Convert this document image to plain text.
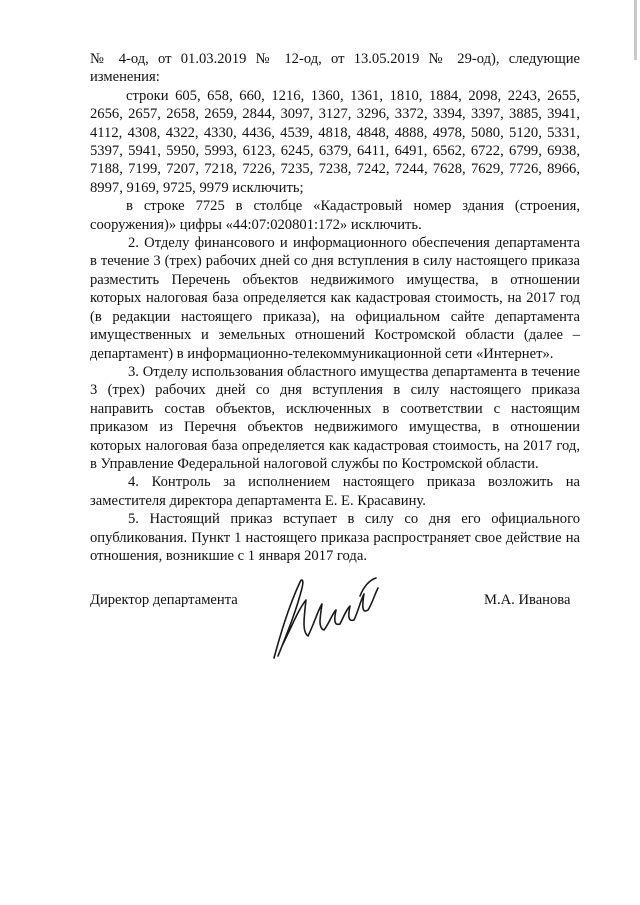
№ 4-од, от 01.03.2019 № 12-од, от 13.05.2019 № 29-од), следующие изменения:

строки 605, 658, 660, 1216, 1360, 1361, 1810, 1884, 2098, 2243, 2655, 2656, 2657, 2658, 2659, 2844, 3097, 3127, 3296, 3372, 3394, 3397, 3885, 3941, 4112, 4308, 4322, 4330, 4436, 4539, 4818, 4848, 4888, 4978, 5080, 5120, 5331, 5397, 5941, 5950, 5993, 6123, 6245, 6379, 6411, 6491, 6562, 6722, 6799, 6938, 7188, 7199, 7207, 7218, 7226, 7235, 7238, 7242, 7244, 7628, 7629, 7726, 8966, 8997, 9169, 9725, 9979 исключить;

в строке 7725 в столбце «Кадастровый номер здания (строения, сооружения)» цифры «44:07:020801:172» исключить.

2. Отделу финансового и информационного обеспечения департамента в течение 3 (трех) рабочих дней со дня вступления в силу настоящего приказа разместить Перечень объектов недвижимого имущества, в отношении которых налоговая база определяется как кадастровая стоимость, на 2017 год (в редакции настоящего приказа), на официальном сайте департамента имущественных и земельных отношений Костромской области (далее – департамент) в информационно-телекоммуникационной сети «Интернет».

3. Отделу использования областного имущества департамента в течение 3 (трех) рабочих дней со дня вступления в силу настоящего приказа направить состав объектов, исключенных в соответствии с настоящим приказом из Перечня объектов недвижимого имущества, в отношении которых налоговая база определяется как кадастровая стоимость, на 2017 год, в Управление Федеральной налоговой службы по Костромской области.

4. Контроль за исполнением настоящего приказа возложить на заместителя директора департамента Е. Е. Красавину.

5. Настоящий приказ вступает в силу со дня его официального опубликования. Пункт 1 настоящего приказа распространяет свое действие на отношения, возникшие с 1 января 2017 года.

Директор департамента	М.А. Иванова
